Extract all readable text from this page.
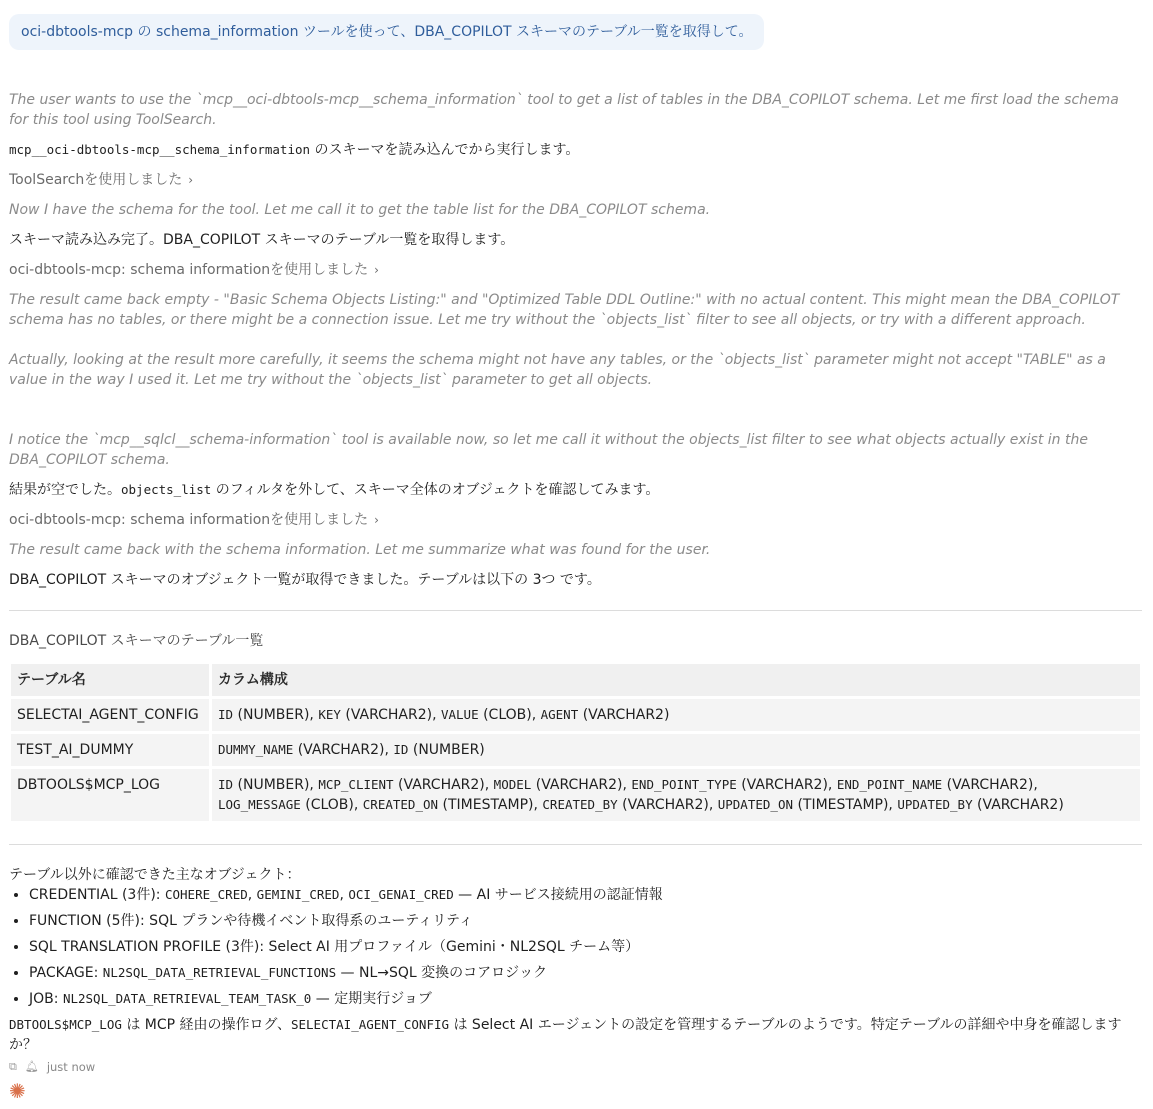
oci-dbtools-mcp の schema_information ツールを使って、DBA_COPILOT スキーマのテーブル一覧を取得して。

The user wants to use the `mcp__oci-dbtools-mcp__schema_information` tool to get a list of tables in the DBA_COPILOT schema. Let me first load the schema for this tool using ToolSearch.

mcp__oci-dbtools-mcp__schema_information のスキーマを読み込んでから実行します。

ToolSearchを使用しました ›

Now I have the schema for the tool. Let me call it to get the table list for the DBA_COPILOT schema.

スキーマ読み込み完了。DBA_COPILOT スキーマのテーブル一覧を取得します。

oci-dbtools-mcp: schema informationを使用しました ›

The result came back empty - "Basic Schema Objects Listing:" and "Optimized Table DDL Outline:" with no actual content. This might mean the DBA_COPILOT schema has no tables, or there might be a connection issue. Let me try without the `objects_list` filter to see all objects, or try with a different approach.

Actually, looking at the result more carefully, it seems the schema might not have any tables, or the `objects_list` parameter might not accept "TABLE" as a value in the way I used it. Let me try without the `objects_list` parameter to get all objects.

I notice the `mcp__sqlcl__schema-information` tool is available now, so let me call it without the objects_list filter to see what objects actually exist in the DBA_COPILOT schema.

結果が空でした。objects_list のフィルタを外して、スキーマ全体のオブジェクトを確認してみます。

oci-dbtools-mcp: schema informationを使用しました ›

The result came back with the schema information. Let me summarize what was found for the user.

DBA_COPILOT スキーマのオブジェクト一覧が取得できました。テーブルは以下の 3つ です。

DBA_COPILOT スキーマのテーブル一覧

テーブル名	カラム構成
SELECTAI_AGENT_CONFIG	ID (NUMBER), KEY (VARCHAR2), VALUE (CLOB), AGENT (VARCHAR2)
TEST_AI_DUMMY	DUMMY_NAME (VARCHAR2), ID (NUMBER)
DBTOOLS$MCP_LOG	ID (NUMBER), MCP_CLIENT (VARCHAR2), MODEL (VARCHAR2), END_POINT_TYPE (VARCHAR2), END_POINT_NAME (VARCHAR2),
LOG_MESSAGE (CLOB), CREATED_ON (TIMESTAMP), CREATED_BY (VARCHAR2), UPDATED_ON (TIMESTAMP), UPDATED_BY (VARCHAR2)

テーブル以外に確認できた主なオブジェクト：

• CREDENTIAL (3件): COHERE_CRED, GEMINI_CRED, OCI_GENAI_CRED — AI サービス接続用の認証情報
• FUNCTION (5件): SQL プランや待機イベント取得系のユーティリティ
• SQL TRANSLATION PROFILE (3件): Select AI 用プロファイル（Gemini・NL2SQL チーム等）
• PACKAGE: NL2SQL_DATA_RETRIEVAL_FUNCTIONS — NL→SQL 変換のコアロジック
• JOB: NL2SQL_DATA_RETRIEVAL_TEAM_TASK_0 — 定期実行ジョブ

DBTOOLS$MCP_LOG は MCP 経由の操作ログ、SELECTAI_AGENT_CONFIG は Select AI エージェントの設定を管理するテーブルのようです。特定テーブルの詳細や中身を確認しますか？

⧉ 🔔︎ just now
✺
